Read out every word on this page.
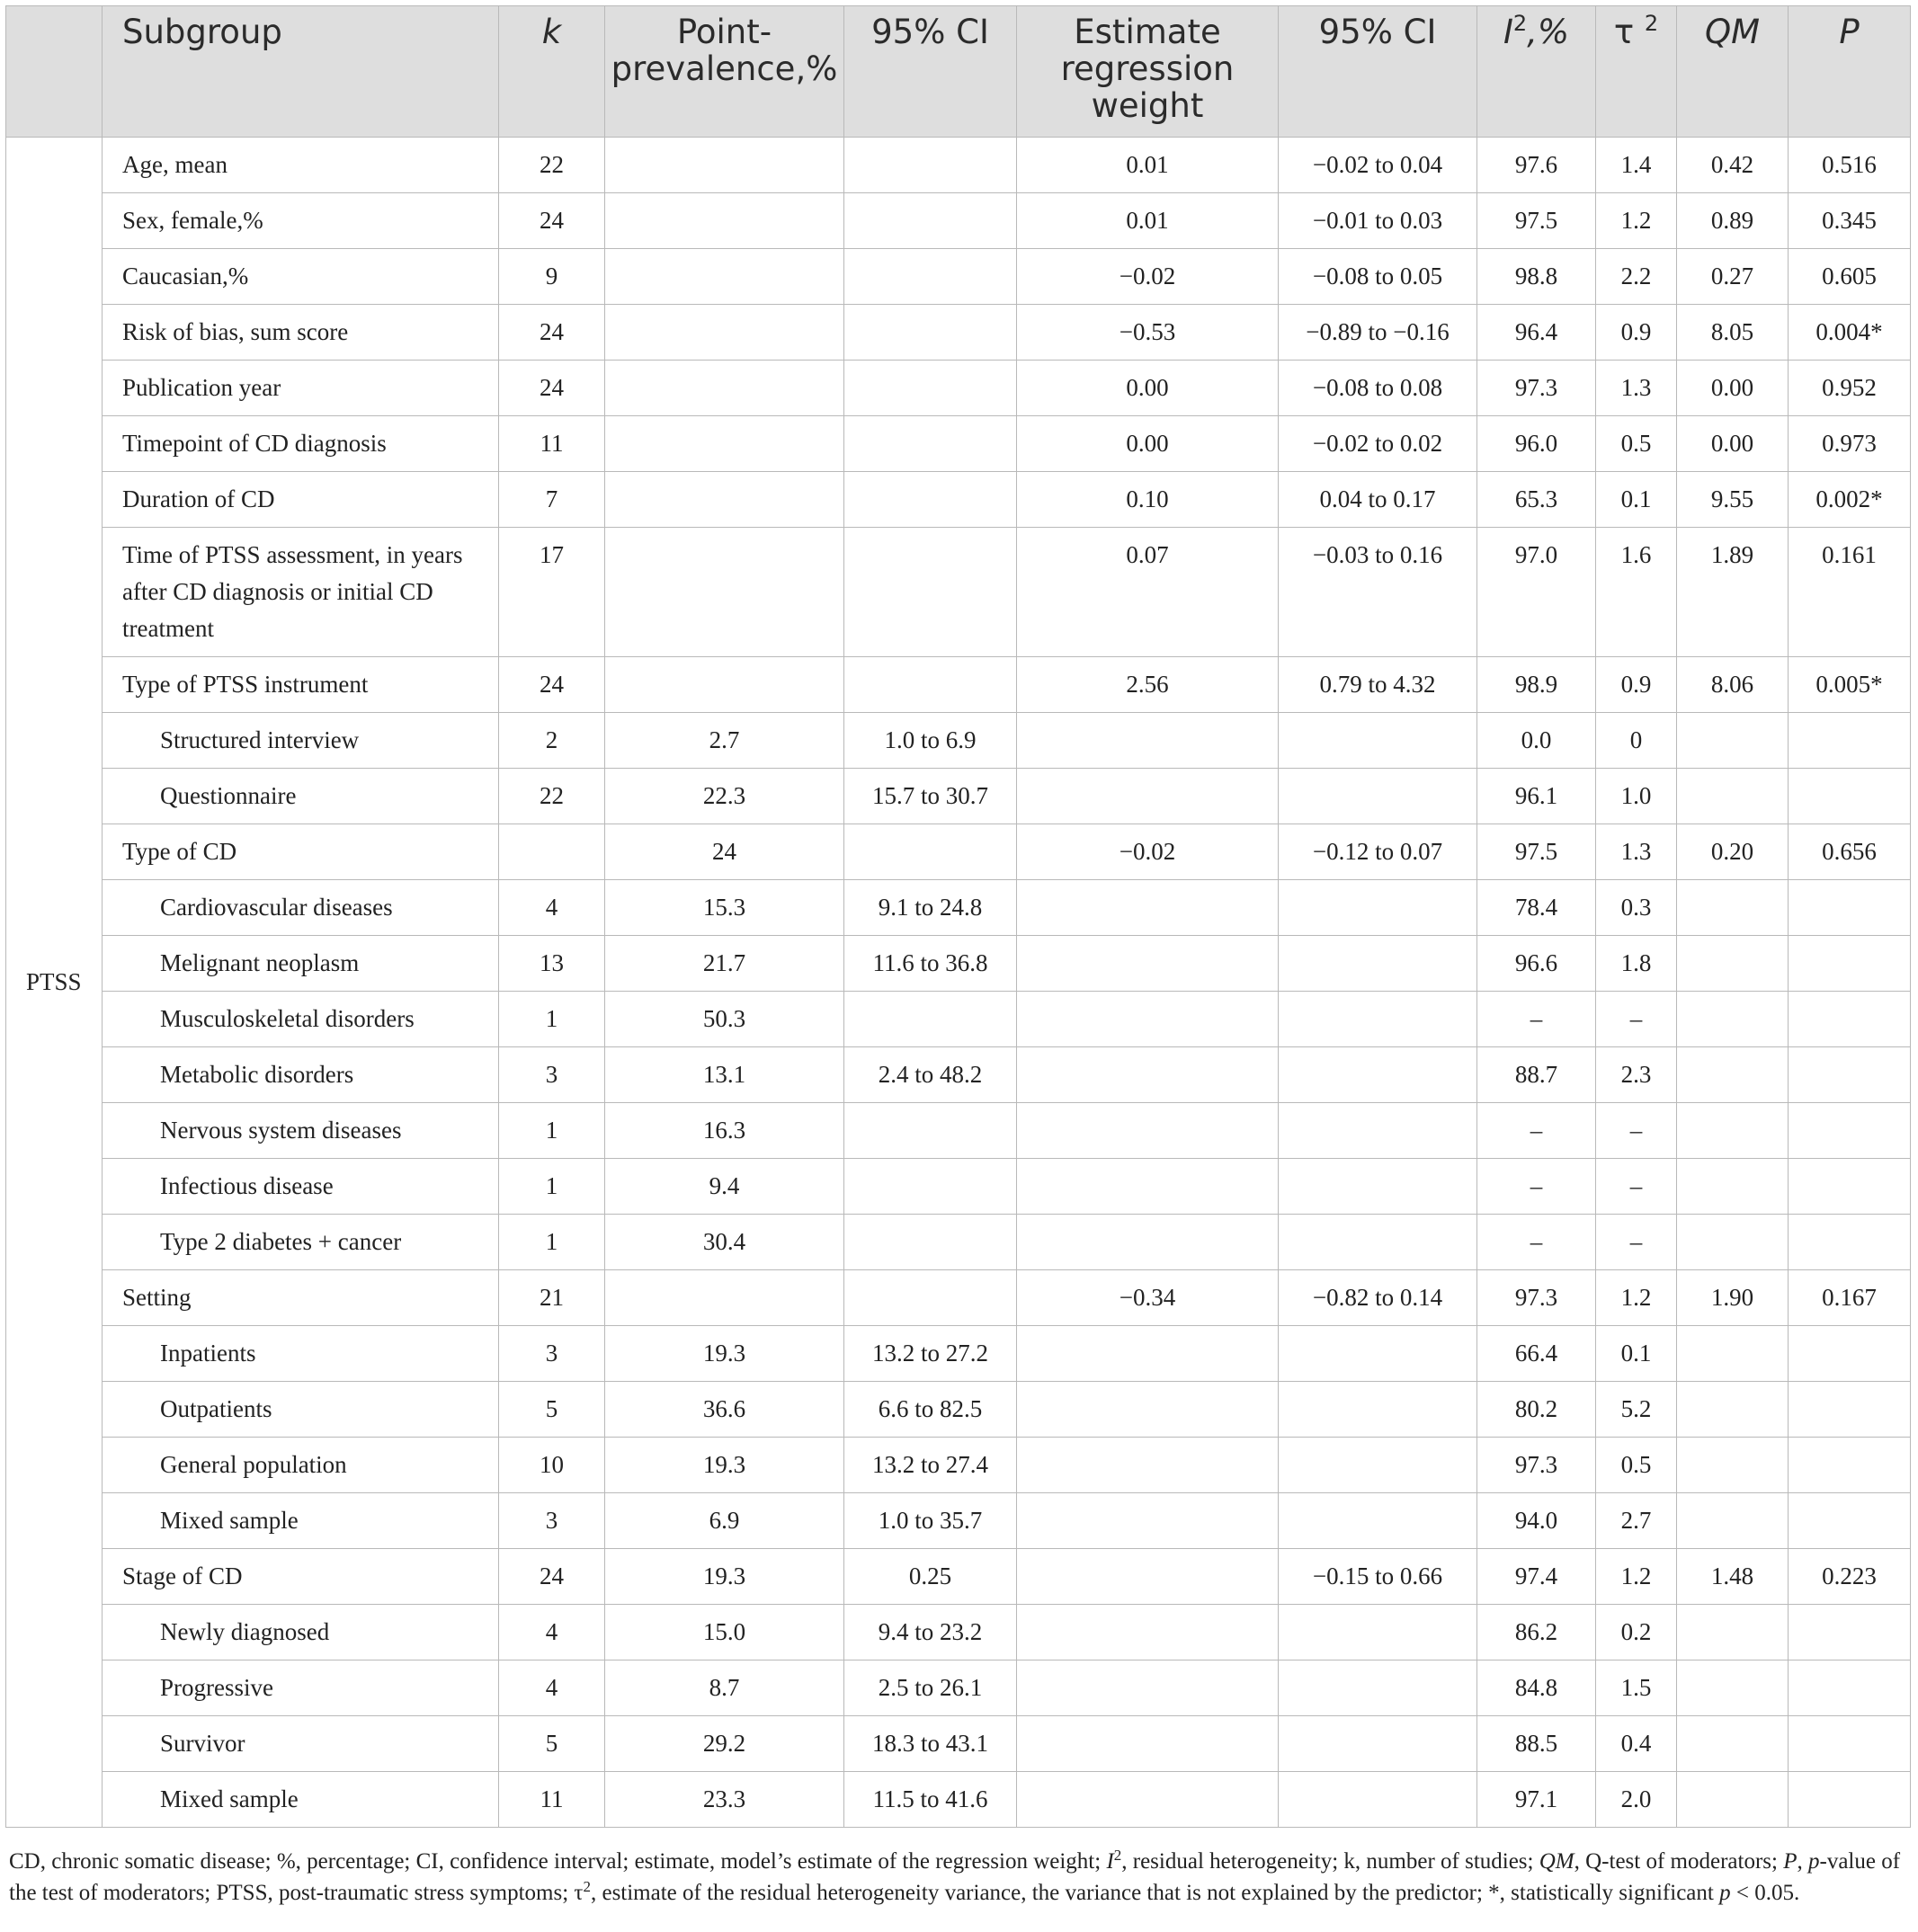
	Subgroup	k	Point-prevalence,%	95% CI	Estimate regression weight	95% CI	$I^2,\%$	τ $^2$	QM	P
PTSS	Age, mean	22			0.01	−0.02 to 0.04	97.6	1.4	0.42	0.516
	Sex, female,%	24			0.01	−0.01 to 0.03	97.5	1.2	0.89	0.345
	Caucasian,%	9			−0.02	−0.08 to 0.05	98.8	2.2	0.27	0.605
	Risk of bias, sum score	24			−0.53	−0.89 to −0.16	96.4	0.9	8.05	0.004*
	Publication year	24			0.00	−0.08 to 0.08	97.3	1.3	0.00	0.952
	Timepoint of CD diagnosis	11			0.00	−0.02 to 0.02	96.0	0.5	0.00	0.973
	Duration of CD	7			0.10	0.04 to 0.17	65.3	0.1	9.55	0.002*
	Time of PTSS assessment, in years after CD diagnosis or initial CD treatment	17			0.07	−0.03 to 0.16	97.0	1.6	1.89	0.161
	Type of PTSS instrument	24			2.56	0.79 to 4.32	98.9	0.9	8.06	0.005*
	Structured interview	2	2.7	1.0 to 6.9			0.0	0		
	Questionnaire	22	22.3	15.7 to 30.7			96.1	1.0		
	Type of CD		24		−0.02	−0.12 to 0.07	97.5	1.3	0.20	0.656
	Cardiovascular diseases	4	15.3	9.1 to 24.8			78.4	0.3		
	Melignant neoplasm	13	21.7	11.6 to 36.8			96.6	1.8		
	Musculoskeletal disorders	1	50.3				–	–		
	Metabolic disorders	3	13.1	2.4 to 48.2			88.7	2.3		
	Nervous system diseases	1	16.3				–	–		
	Infectious disease	1	9.4				–	–		
	Type 2 diabetes + cancer	1	30.4				–	–		
	Setting	21			−0.34	−0.82 to 0.14	97.3	1.2	1.90	0.167
	Inpatients	3	19.3	13.2 to 27.2			66.4	0.1		
	Outpatients	5	36.6	6.6 to 82.5			80.2	5.2		
	General population	10	19.3	13.2 to 27.4			97.3	0.5		
	Mixed sample	3	6.9	1.0 to 35.7			94.0	2.7		
	Stage of CD	24	19.3	0.25		−0.15 to 0.66	97.4	1.2	1.48	0.223
	Newly diagnosed	4	15.0	9.4 to 23.2			86.2	0.2		
	Progressive	4	8.7	2.5 to 26.1			84.8	1.5		
	Survivor	5	29.2	18.3 to 43.1			88.5	0.4		
	Mixed sample	11	23.3	11.5 to 41.6			97.1	2.0		
CD, chronic somatic disease; %, percentage; CI, confidence interval; estimate, model’s estimate of the regression weight; $I^2$, residual heterogeneity; k, number of studies; QM, Q-test of moderators; P, p-value of the test of moderators; PTSS, post-traumatic stress symptoms; $\tau^2$, estimate of the residual heterogeneity variance, the variance that is not explained by the predictor; *, statistically significant p < 0.05.
